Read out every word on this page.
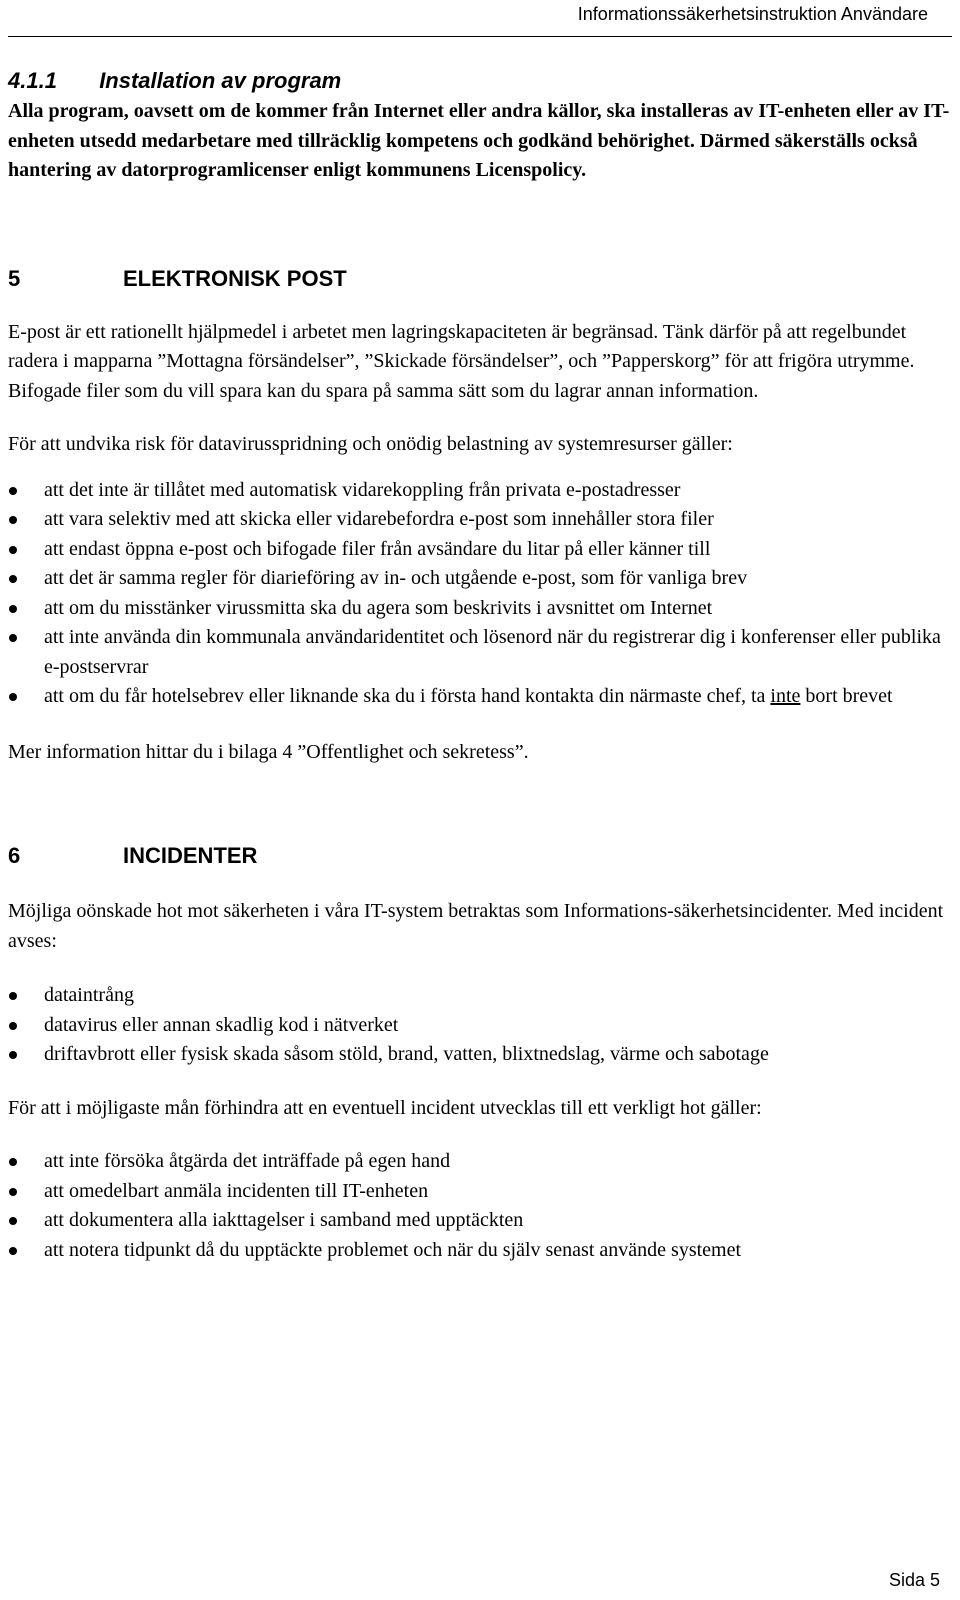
Informationssäkerhetsinstruktion Användare
4.1.1 Installation av program

Alla program, oavsett om de kommer från Internet eller andra källor, ska installeras av IT-enheten eller av IT-enheten utsedd medarbetare med tillräcklig kompetens och godkänd behörighet. Därmed säkerställs också hantering av datorprogramlicenser enligt kommunens Licenspolicy.

5	ELEKTRONISK POST

E-post är ett rationellt hjälpmedel i arbetet men lagringskapaciteten är begränsad. Tänk därför på att regelbundet radera i mapparna ”Mottagna försändelser”, ”Skickade försändelser”, och ”Papperskorg” för att frigöra utrymme. Bifogade filer som du vill spara kan du spara på samma sätt som du lagrar annan information.

För att undvika risk för datavirusspridning och onödig belastning av systemresurser gäller:

att det inte är tillåtet med automatisk vidarekoppling från privata e-postadresser
att vara selektiv med att skicka eller vidarebefordra e-post som innehåller stora filer
att endast öppna e-post och bifogade filer från avsändare du litar på eller känner till
att det är samma regler för diarieföring av in- och utgående e-post, som för vanliga brev
att om du misstänker virussmitta ska du agera som beskrivits i avsnittet om Internet
att inte använda din kommunala användaridentitet och lösenord när du registrerar dig i konferenser eller publika e-postservrar
att om du får hotelsebrev eller liknande ska du i första hand kontakta din närmaste chef, ta inte bort brevet

Mer information hittar du i bilaga 4 ”Offentlighet och sekretess”.

6	INCIDENTER

Möjliga oönskade hot mot säkerheten i våra IT-system betraktas som Informations-säkerhetsincidenter. Med incident avses:

dataintrång
datavirus eller annan skadlig kod i nätverket
driftavbrott eller fysisk skada såsom stöld, brand, vatten, blixtnedslag, värme och sabotage

För att i möjligaste mån förhindra att en eventuell incident utvecklas till ett verkligt hot gäller:

att inte försöka åtgärda det inträffade på egen hand
att omedelbart anmäla incidenten till IT-enheten
att dokumentera alla iakttagelser i samband med upptäckten
att notera tidpunkt då du upptäckte problemet och när du själv senast använde systemet
Sida 5
